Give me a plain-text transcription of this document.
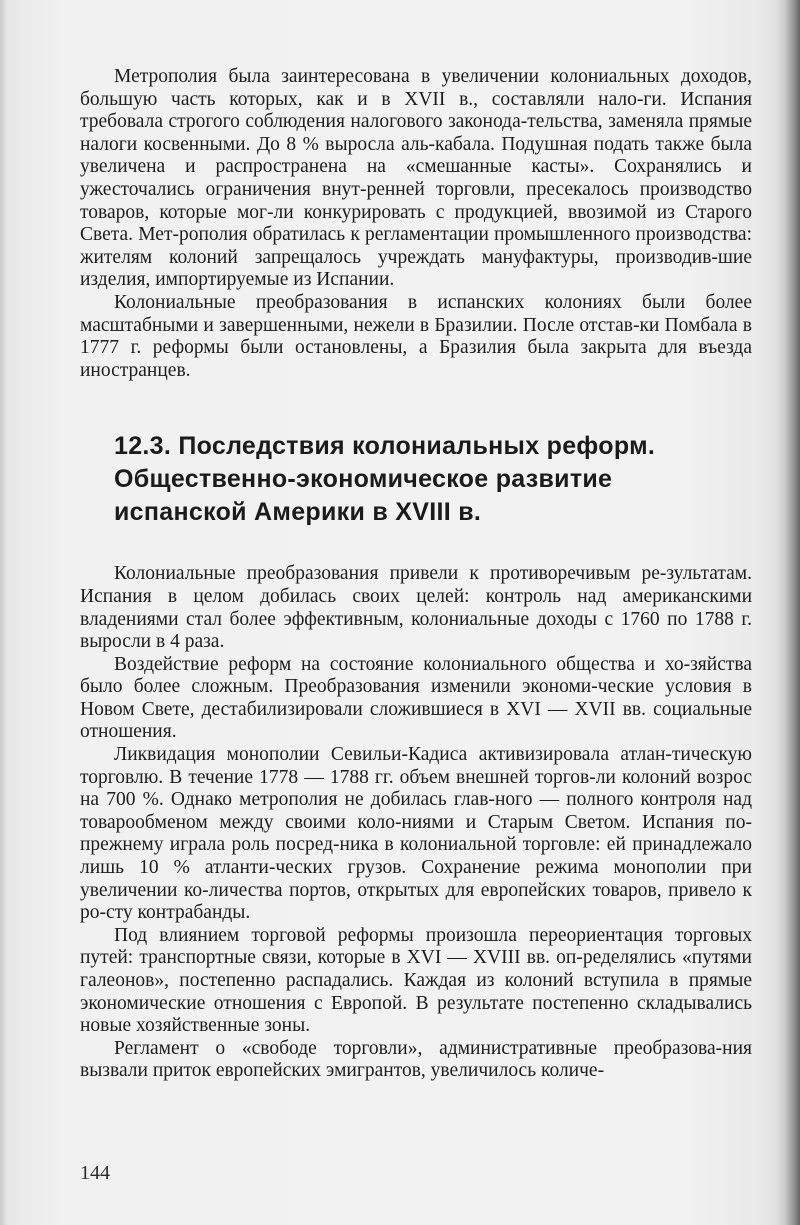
Метрополия была заинтересована в увеличении колониальных доходов, большую часть которых, как и в XVII в., составляли нало-ги. Испания требовала строгого соблюдения налогового законода-тельства, заменяла прямые налоги косвенными. До 8 % выросла аль-кабала. Подушная подать также была увеличена и распространена на «смешанные касты». Сохранялись и ужесточались ограничения внут-ренней торговли, пресекалось производство товаров, которые мог-ли конкурировать с продукцией, ввозимой из Старого Света. Мет-рополия обратилась к регламентации промышленного производства: жителям колоний запрещалось учреждать мануфактуры, производив-шие изделия, импортируемые из Испании.

Колониальные преобразования в испанских колониях были более масштабными и завершенными, нежели в Бразилии. После отстав-ки Помбала в 1777 г. реформы были остановлены, а Бразилия была закрыта для въезда иностранцев.

12.3. Последствия колониальных реформ.

Общественно-экономическое развитие

испанской Америки в XVIII в.

Колониальные преобразования привели к противоречивым ре-зультатам. Испания в целом добилась своих целей: контроль над американскими владениями стал более эффективным, колониальные доходы с 1760 по 1788 г. выросли в 4 раза.

Воздействие реформ на состояние колониального общества и хо-зяйства было более сложным. Преобразования изменили экономи-ческие условия в Новом Свете, дестабилизировали сложившиеся в XVI — XVII вв. социальные отношения.

Ликвидация монополии Севильи-Кадиса активизировала атлан-тическую торговлю. В течение 1778 — 1788 гг. объем внешней торгов-ли колоний возрос на 700 %. Однако метрополия не добилась глав-ного — полного контроля над товарообменом между своими коло-ниями и Старым Светом. Испания по-прежнему играла роль посред-ника в колониальной торговле: ей принадлежало лишь 10 % атланти-ческих грузов. Сохранение режима монополии при увеличении ко-личества портов, открытых для европейских товаров, привело к ро-сту контрабанды.

Под влиянием торговой реформы произошла переориентация торговых путей: транспортные связи, которые в XVI — XVIII вв. оп-ределялись «путями галеонов», постепенно распадались. Каждая из колоний вступила в прямые экономические отношения с Европой. В результате постепенно складывались новые хозяйственные зоны.

Регламент о «свободе торговли», административные преобразова-ния вызвали приток европейских эмигрантов, увеличилось количе-

144
